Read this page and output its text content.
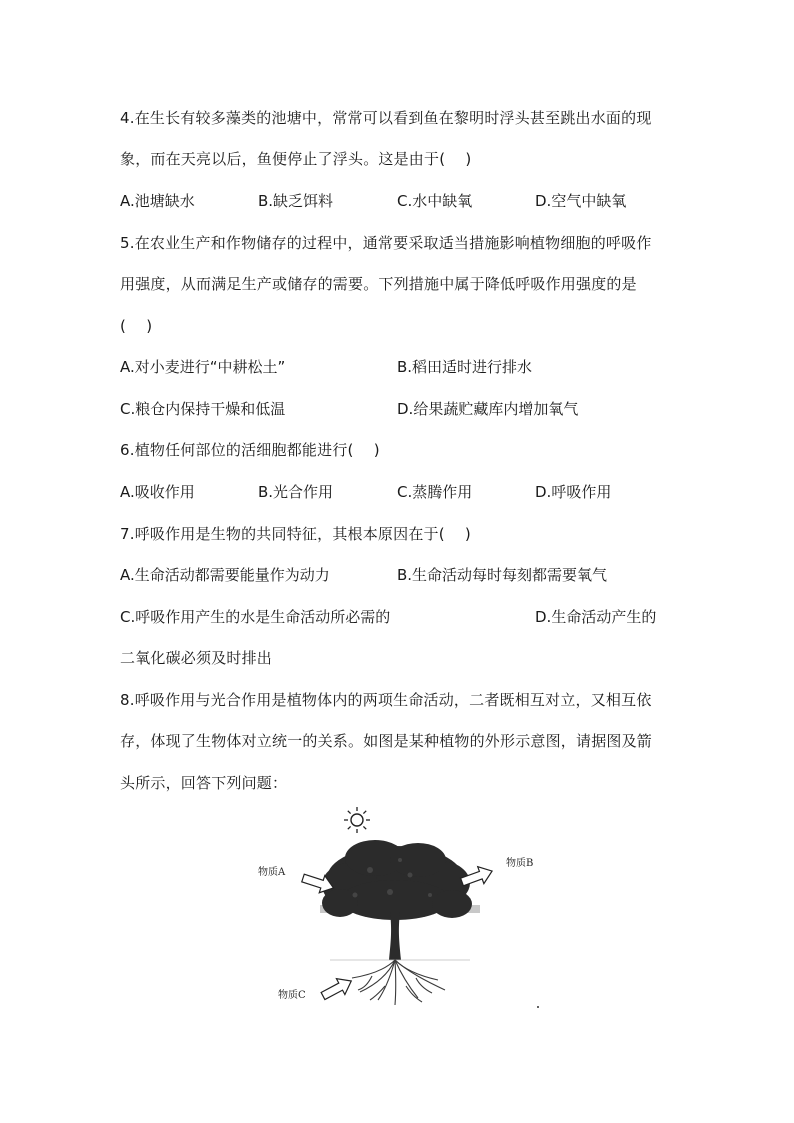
4.在生长有较多藻类的池塘中，常常可以看到鱼在黎明时浮头甚至跳出水面的现
象，而在天亮以后，鱼便停止了浮头。这是由于(　 )
A.池塘缺水	B.缺乏饵料	C.水中缺氧	D.空气中缺氧
5.在农业生产和作物储存的过程中，通常要采取适当措施影响植物细胞的呼吸作
用强度，从而满足生产或储存的需要。下列措施中属于降低呼吸作用强度的是
(　 )
A.对小麦进行“中耕松土”	B.稻田适时进行排水
C.粮仓内保持干燥和低温	D.给果蔬贮藏库内增加氧气
6.植物任何部位的活细胞都能进行(　 )
A.吸收作用	B.光合作用	C.蒸腾作用	D.呼吸作用
7.呼吸作用是生物的共同特征，其根本原因在于(　 )
A.生命活动都需要能量作为动力	B.生命活动每时每刻都需要氧气
C.呼吸作用产生的水是生命活动所必需的	D.生命活动产生的
二氧化碳必须及时排出
8.呼吸作用与光合作用是植物体内的两项生命活动，二者既相互对立，又相互依
存，体现了生物体对立统一的关系。如图是某种植物的外形示意图，请据图及箭
头所示，回答下列问题：
物质A
物质B
物质C
